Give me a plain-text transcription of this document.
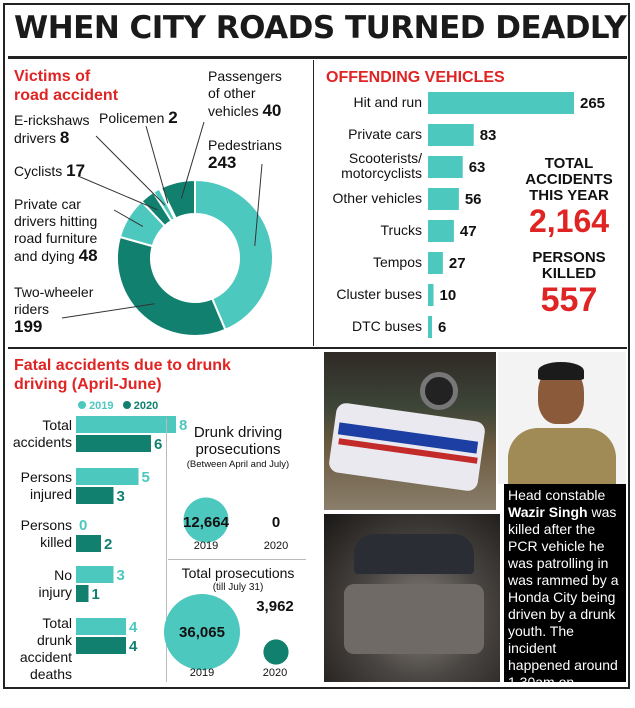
WHEN CITY ROADS TURNED DEADLY
Victims of
road accident
Passengers
of other
vehicles 40
Policemen 2
E-rickshaws
drivers 8	Pedestrians
243
Cyclists 17
Private car
drivers hitting
road furniture
and dying 48
Two-wheeler
riders
199
OFFENDING VEHICLES
Hit and run	265
Private cars	83
Scooterists/
motorcyclists	63
Other vehicles	56
Trucks	47
Tempos 27
Cluster buses 10
DTC buses 6
TOTAL
ACCIDENTS
THIS YEAR
2,164
PERSONS
KILLED
557
Fatal accidents due to drunk
driving (April-June)
2019 2020
Total
accidents
8
6
Persons
injured
5
3
Persons
killed
0
2
No
injury
3
1
Total
drunk
accident
deaths
4
4
Drunk driving
prosecutions
(Between April and July)
12,664	0
2019	2020
Total prosecutions
(till July 31)
36,065
3,962
2019	2020
Head constable Wazir Singh was killed after the PCR vehicle he was patrolling in was rammed by a Honda City being driven by a drunk youth. The incident happened around 1.30am on Tuesday.
